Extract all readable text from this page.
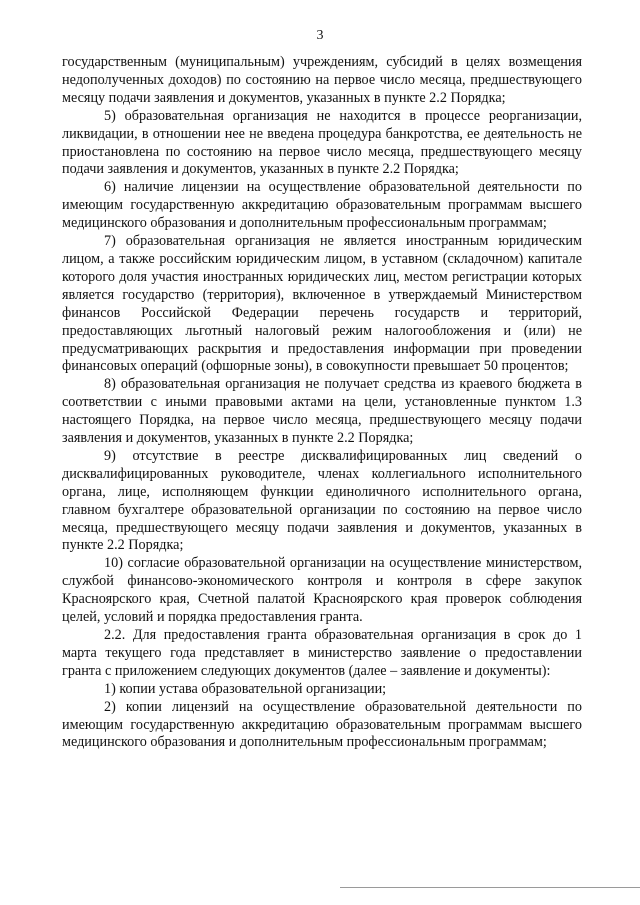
3

государственным (муниципальным) учреждениям, субсидий в целях возмещения недополученных доходов) по состоянию на первое число месяца, предшествующего месяцу подачи заявления и документов, указанных в пункте 2.2 Порядка;

5) образовательная организация не находится в процессе реорганизации, ликвидации, в отношении нее не введена процедура банкротства, ее деятельность не приостановлена по состоянию на первое число месяца, предшествующего месяцу подачи заявления и документов, указанных в пункте 2.2 Порядка;

6) наличие лицензии на осуществление образовательной деятельности по имеющим государственную аккредитацию образовательным программам высшего медицинского образования и дополнительным профессиональным программам;

7) образовательная организация не является иностранным юридическим лицом, а также российским юридическим лицом, в уставном (складочном) капитале которого доля участия иностранных юридических лиц, местом регистрации которых является государство (территория), включенное в утверждаемый Министерством финансов Российской Федерации перечень государств и территорий, предоставляющих льготный налоговый режим налогообложения и (или) не предусматривающих раскрытия и предоставления информации при проведении финансовых операций (офшорные зоны), в совокупности превышает 50 процентов;

8) образовательная организация не получает средства из краевого бюджета в соответствии с иными правовыми актами на цели, установленные пунктом 1.3 настоящего Порядка, на первое число месяца, предшествующего месяцу подачи заявления и документов, указанных в пункте 2.2 Порядка;

9) отсутствие в реестре дисквалифицированных лиц сведений о дисквалифицированных руководителе, членах коллегиального исполнительного органа, лице, исполняющем функции единоличного исполнительного органа, главном бухгалтере образовательной организации по состоянию на первое число месяца, предшествующего месяцу подачи заявления и документов, указанных в пункте 2.2 Порядка;

10) согласие образовательной организации на осуществление министерством, службой финансово-экономического контроля и контроля в сфере закупок Красноярского края, Счетной палатой Красноярского края проверок соблюдения целей, условий и порядка предоставления гранта.

2.2. Для предоставления гранта образовательная организация в срок до 1 марта текущего года представляет в министерство заявление о предоставлении гранта с приложением следующих документов (далее – заявление и документы):

1) копии устава образовательной организации;

2) копии лицензий на осуществление образовательной деятельности по имеющим государственную аккредитацию образовательным программам высшего медицинского образования и дополнительным профессиональным программам;
